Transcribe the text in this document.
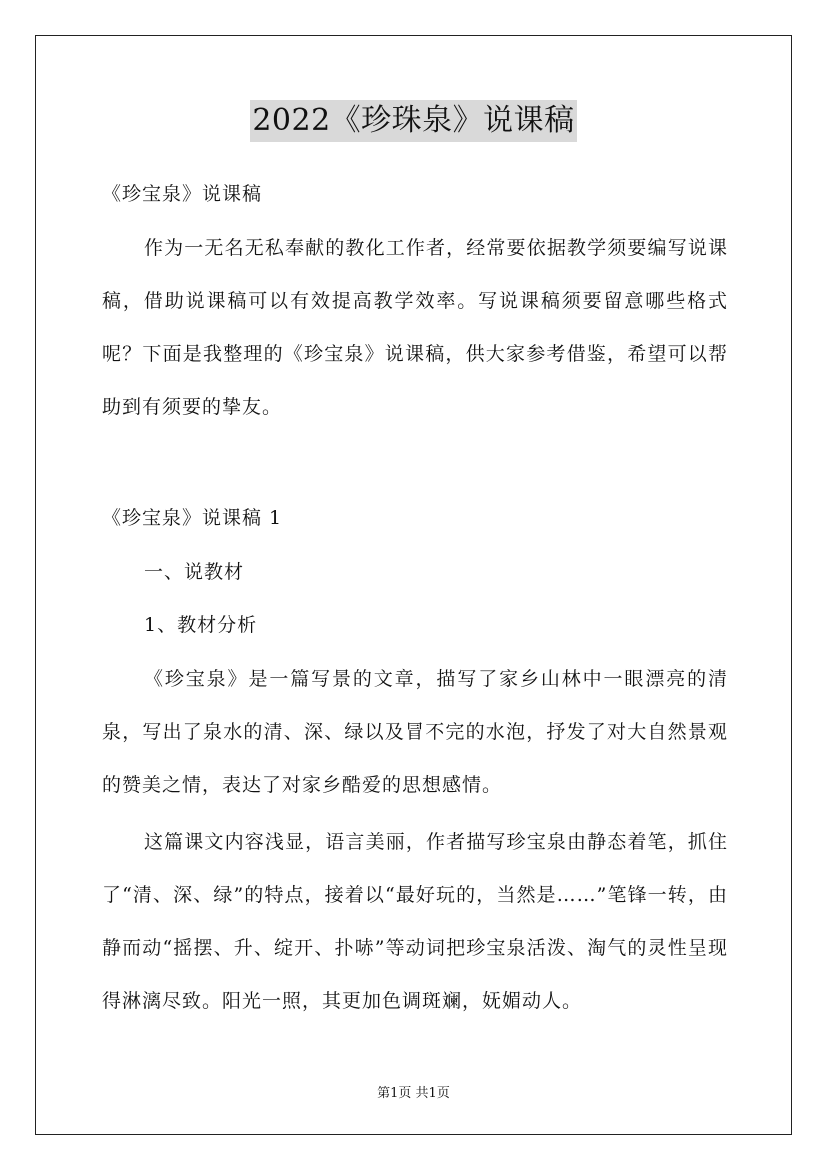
2022《珍珠泉》说课稿
《珍宝泉》说课稿
作为一无名无私奉献的教化工作者，经常要依据教学须要编写说课稿，借助说课稿可以有效提高教学效率。写说课稿须要留意哪些格式呢？下面是我整理的《珍宝泉》说课稿，供大家参考借鉴，希望可以帮助到有须要的挚友。
《珍宝泉》说课稿 1
一、说教材
1、教材分析
《珍宝泉》是一篇写景的文章，描写了家乡山林中一眼漂亮的清泉，写出了泉水的清、深、绿以及冒不完的水泡，抒发了对大自然景观的赞美之情，表达了对家乡酷爱的思想感情。
这篇课文内容浅显，语言美丽，作者描写珍宝泉由静态着笔，抓住了“清、深、绿”的特点，接着以“最好玩的，当然是……”笔锋一转，由静而动“摇摆、升、绽开、扑哧”等动词把珍宝泉活泼、淘气的灵性呈现得淋漓尽致。阳光一照，其更加色调斑斓，妩媚动人。
第1页 共1页
